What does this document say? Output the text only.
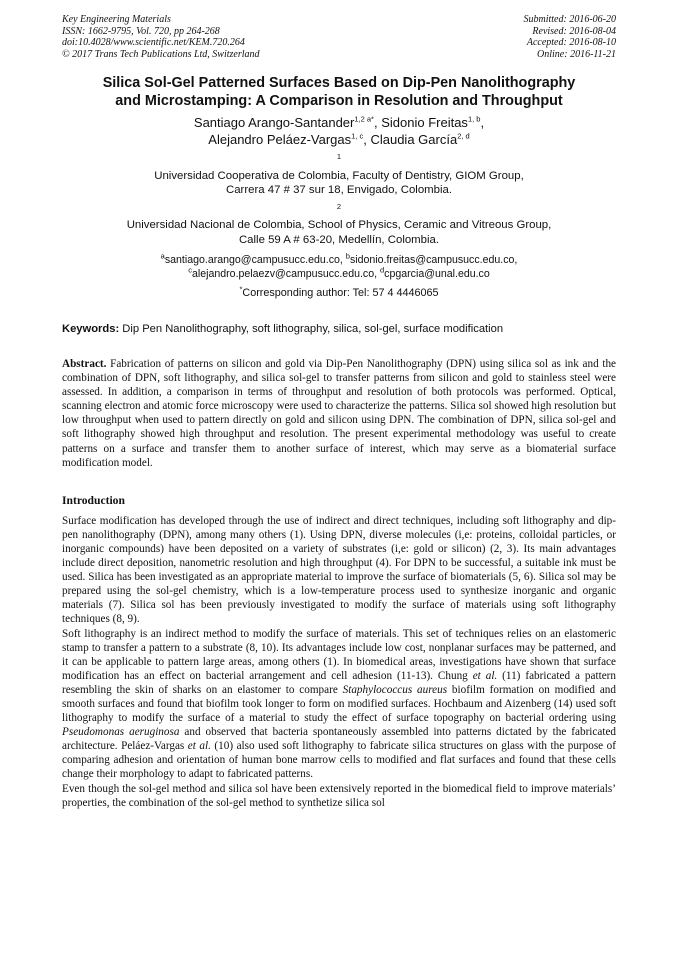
Key Engineering Materials
ISSN: 1662-9795, Vol. 720, pp 264-268
doi:10.4028/www.scientific.net/KEM.720.264
© 2017 Trans Tech Publications Ltd, Switzerland
Submitted: 2016-06-20
Revised: 2016-08-04
Accepted: 2016-08-10
Online: 2016-11-21
Silica Sol-Gel Patterned Surfaces Based on Dip-Pen Nanolithography
and Microstamping: A Comparison in Resolution and Throughput
Santiago Arango-Santander$^{1,2 a*}$, Sidonio Freitas$^{1, b}$,
Alejandro Peláez-Vargas$^{1, c}$, Claudia García$^{2, d}$
$^1$
Universidad Cooperativa de Colombia, Faculty of Dentistry, GIOM Group,
Carrera 47 # 37 sur 18, Envigado, Colombia.
$^2$
Universidad Nacional de Colombia, School of Physics, Ceramic and Vitreous Group,
Calle 59 A # 63-20, Medellín, Colombia.
$^a$santiago.arango@campusucc.edu.co, $^b$sidonio.freitas@campusucc.edu.co,
$^c$alejandro.pelaezv@campusucc.edu.co, $^d$cpgarcia@unal.edu.co
*Corresponding author: Tel: 57 4 4446065
Keywords: Dip Pen Nanolithography, soft lithography, silica, sol-gel, surface modification
Abstract. Fabrication of patterns on silicon and gold via Dip-Pen Nanolithography (DPN) using silica sol as ink and the combination of DPN, soft lithography, and silica sol-gel to transfer patterns from silicon and gold to stainless steel were assessed. In addition, a comparison in terms of throughput and resolution of both protocols was performed. Optical, scanning electron and atomic force microscopy were used to characterize the patterns. Silica sol showed high resolution but low throughput when used to pattern directly on gold and silicon using DPN. The combination of DPN, silica sol-gel and soft lithography showed high throughput and resolution. The present experimental methodology was useful to create patterns on a surface and transfer them to another surface of interest, which may serve as a biomaterial surface modification model.
Introduction

Surface modification has developed through the use of indirect and direct techniques, including soft lithography and dip-pen nanolithography (DPN), among many others (1). Using DPN, diverse molecules (i,e: proteins, colloidal particles, or inorganic compounds) have been deposited on a variety of substrates (i,e: gold or silicon) (2, 3). Its main advantages include direct deposition, nanometric resolution and high throughput (4). For DPN to be successful, a suitable ink must be used. Silica has been investigated as an appropriate material to improve the surface of biomaterials (5, 6). Silica sol may be prepared using the sol-gel chemistry, which is a low-temperature process used to synthesize inorganic and organic materials (7). Silica sol has been previously investigated to modify the surface of materials using soft lithography techniques (8, 9).

Soft lithography is an indirect method to modify the surface of materials. This set of techniques relies on an elastomeric stamp to transfer a pattern to a substrate (8, 10). Its advantages include low cost, nonplanar surfaces may be patterned, and it can be applicable to pattern large areas, among others (1). In biomedical areas, investigations have shown that surface modification has an effect on bacterial arrangement and cell adhesion (11-13). Chung et al. (11) fabricated a pattern resembling the skin of sharks on an elastomer to compare Staphylococcus aureus biofilm formation on modified and smooth surfaces and found that biofilm took longer to form on modified surfaces. Hochbaum and Aizenberg (14) used soft lithography to modify the surface of a material to study the effect of surface topography on bacterial ordering using Pseudomonas aeruginosa and observed that bacteria spontaneously assembled into patterns dictated by the fabricated architecture. Peláez-Vargas et al. (10) also used soft lithography to fabricate silica structures on glass with the purpose of comparing adhesion and orientation of human bone marrow cells to modified and flat surfaces and found that these cells change their morphology to adapt to fabricated patterns.

Even though the sol-gel method and silica sol have been extensively reported in the biomedical field to improve materials’ properties, the combination of the sol-gel method to synthetize silica sol
